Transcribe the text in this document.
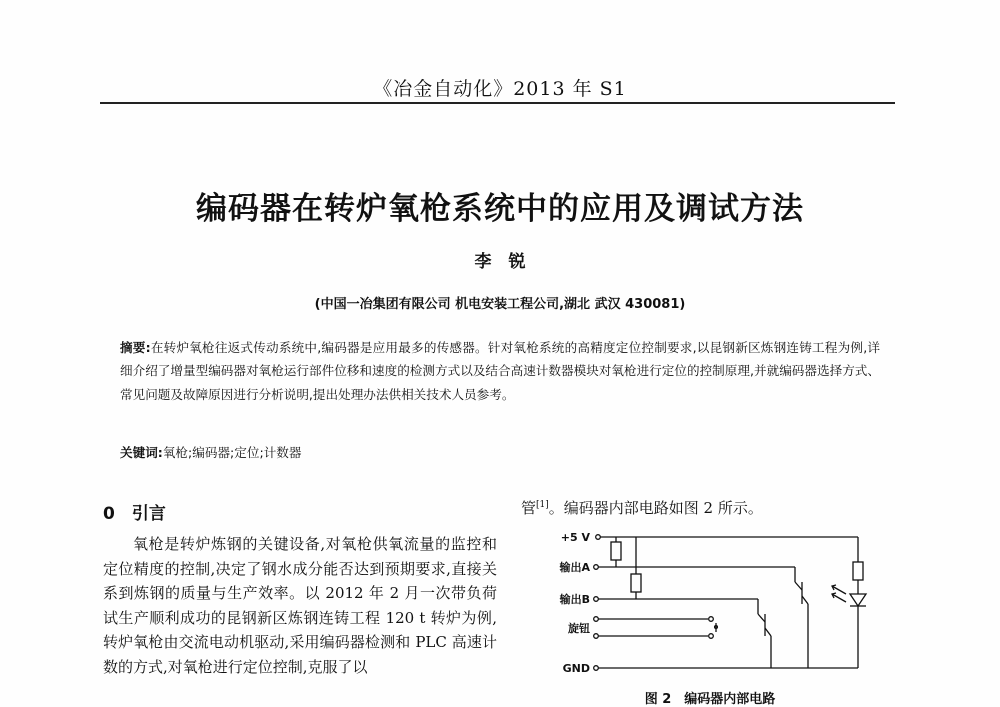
《冶金自动化》2013 年 S1
编码器在转炉氧枪系统中的应用及调试方法
李　锐
(中国一冶集团有限公司 机电安装工程公司,湖北 武汉 430081)
摘要:在转炉氧枪往返式传动系统中,编码器是应用最多的传感器。针对氧枪系统的高精度定位控制要求,以昆钢新区炼钢连铸工程为例,详细介绍了增量型编码器对氧枪运行部件位移和速度的检测方式以及结合高速计数器模块对氧枪进行定位的控制原理,并就编码器选择方式、常见问题及故障原因进行分析说明,提出处理办法供相关技术人员参考。
关键词:氧枪;编码器;定位;计数器
0　引言

氧枪是转炉炼钢的关键设备,对氧枪供氧流量的监控和定位精度的控制,决定了钢水成分能否达到预期要求,直接关系到炼钢的质量与生产效率。以 2012 年 2 月一次带负荷试生产顺利成功的昆钢新区炼钢连铸工程 120 t 转炉为例,转炉氧枪由交流电动机驱动,采用编码器检测和 PLC 高速计数的方式,对氧枪进行定位控制,克服了以

管[1]。编码器内部电路如图 2 所示。
+5 V
输出A
输出B
旋钮
GND
图 2　编码器内部电路
